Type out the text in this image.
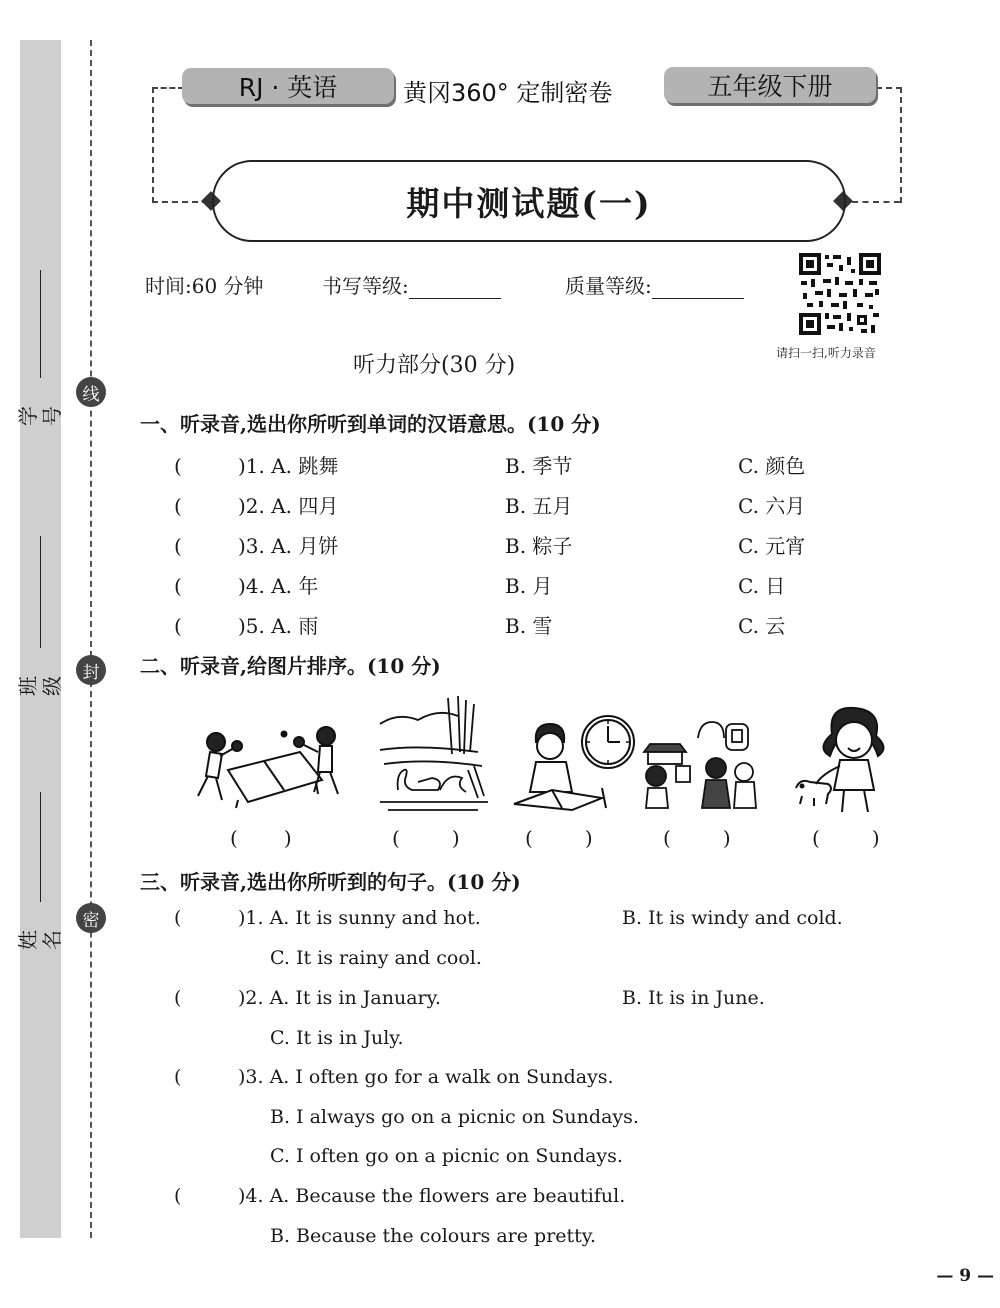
线
封
密
学号
班级
姓名
RJ · 英语	黄冈360° 定制密卷	五年级下册
期中测试题(一)
时间:60 分钟	书写等级:	质量等级:
请扫一扫,听力录音
听力部分(30 分)
一、听录音,选出你所听到单词的汉语意思。(10 分)
(	)1. A. 跳舞	B. 季节	C. 颜色
(	)2. A. 四月	B. 五月	C. 六月
(	)3. A. 月饼	B. 粽子	C. 元宵
(	)4. A. 年	B. 月	C. 日
(	)5. A. 雨	B. 雪	C. 云
二、听录音,给图片排序。(10 分)
( )	(	)	(	)	(	)	(	)
三、听录音,选出你所听到的句子。(10 分)
(	)1. A. It is sunny and hot.	B. It is windy and cold.
C. It is rainy and cool.
(	)2. A. It is in January.	B. It is in June.
C. It is in July.
(	)3. A. I often go for a walk on Sundays.
B. I always go on a picnic on Sundays.
C. I often go on a picnic on Sundays.
(	)4. A. Because the flowers are beautiful.
B. Because the colours are pretty.
— 9 —
